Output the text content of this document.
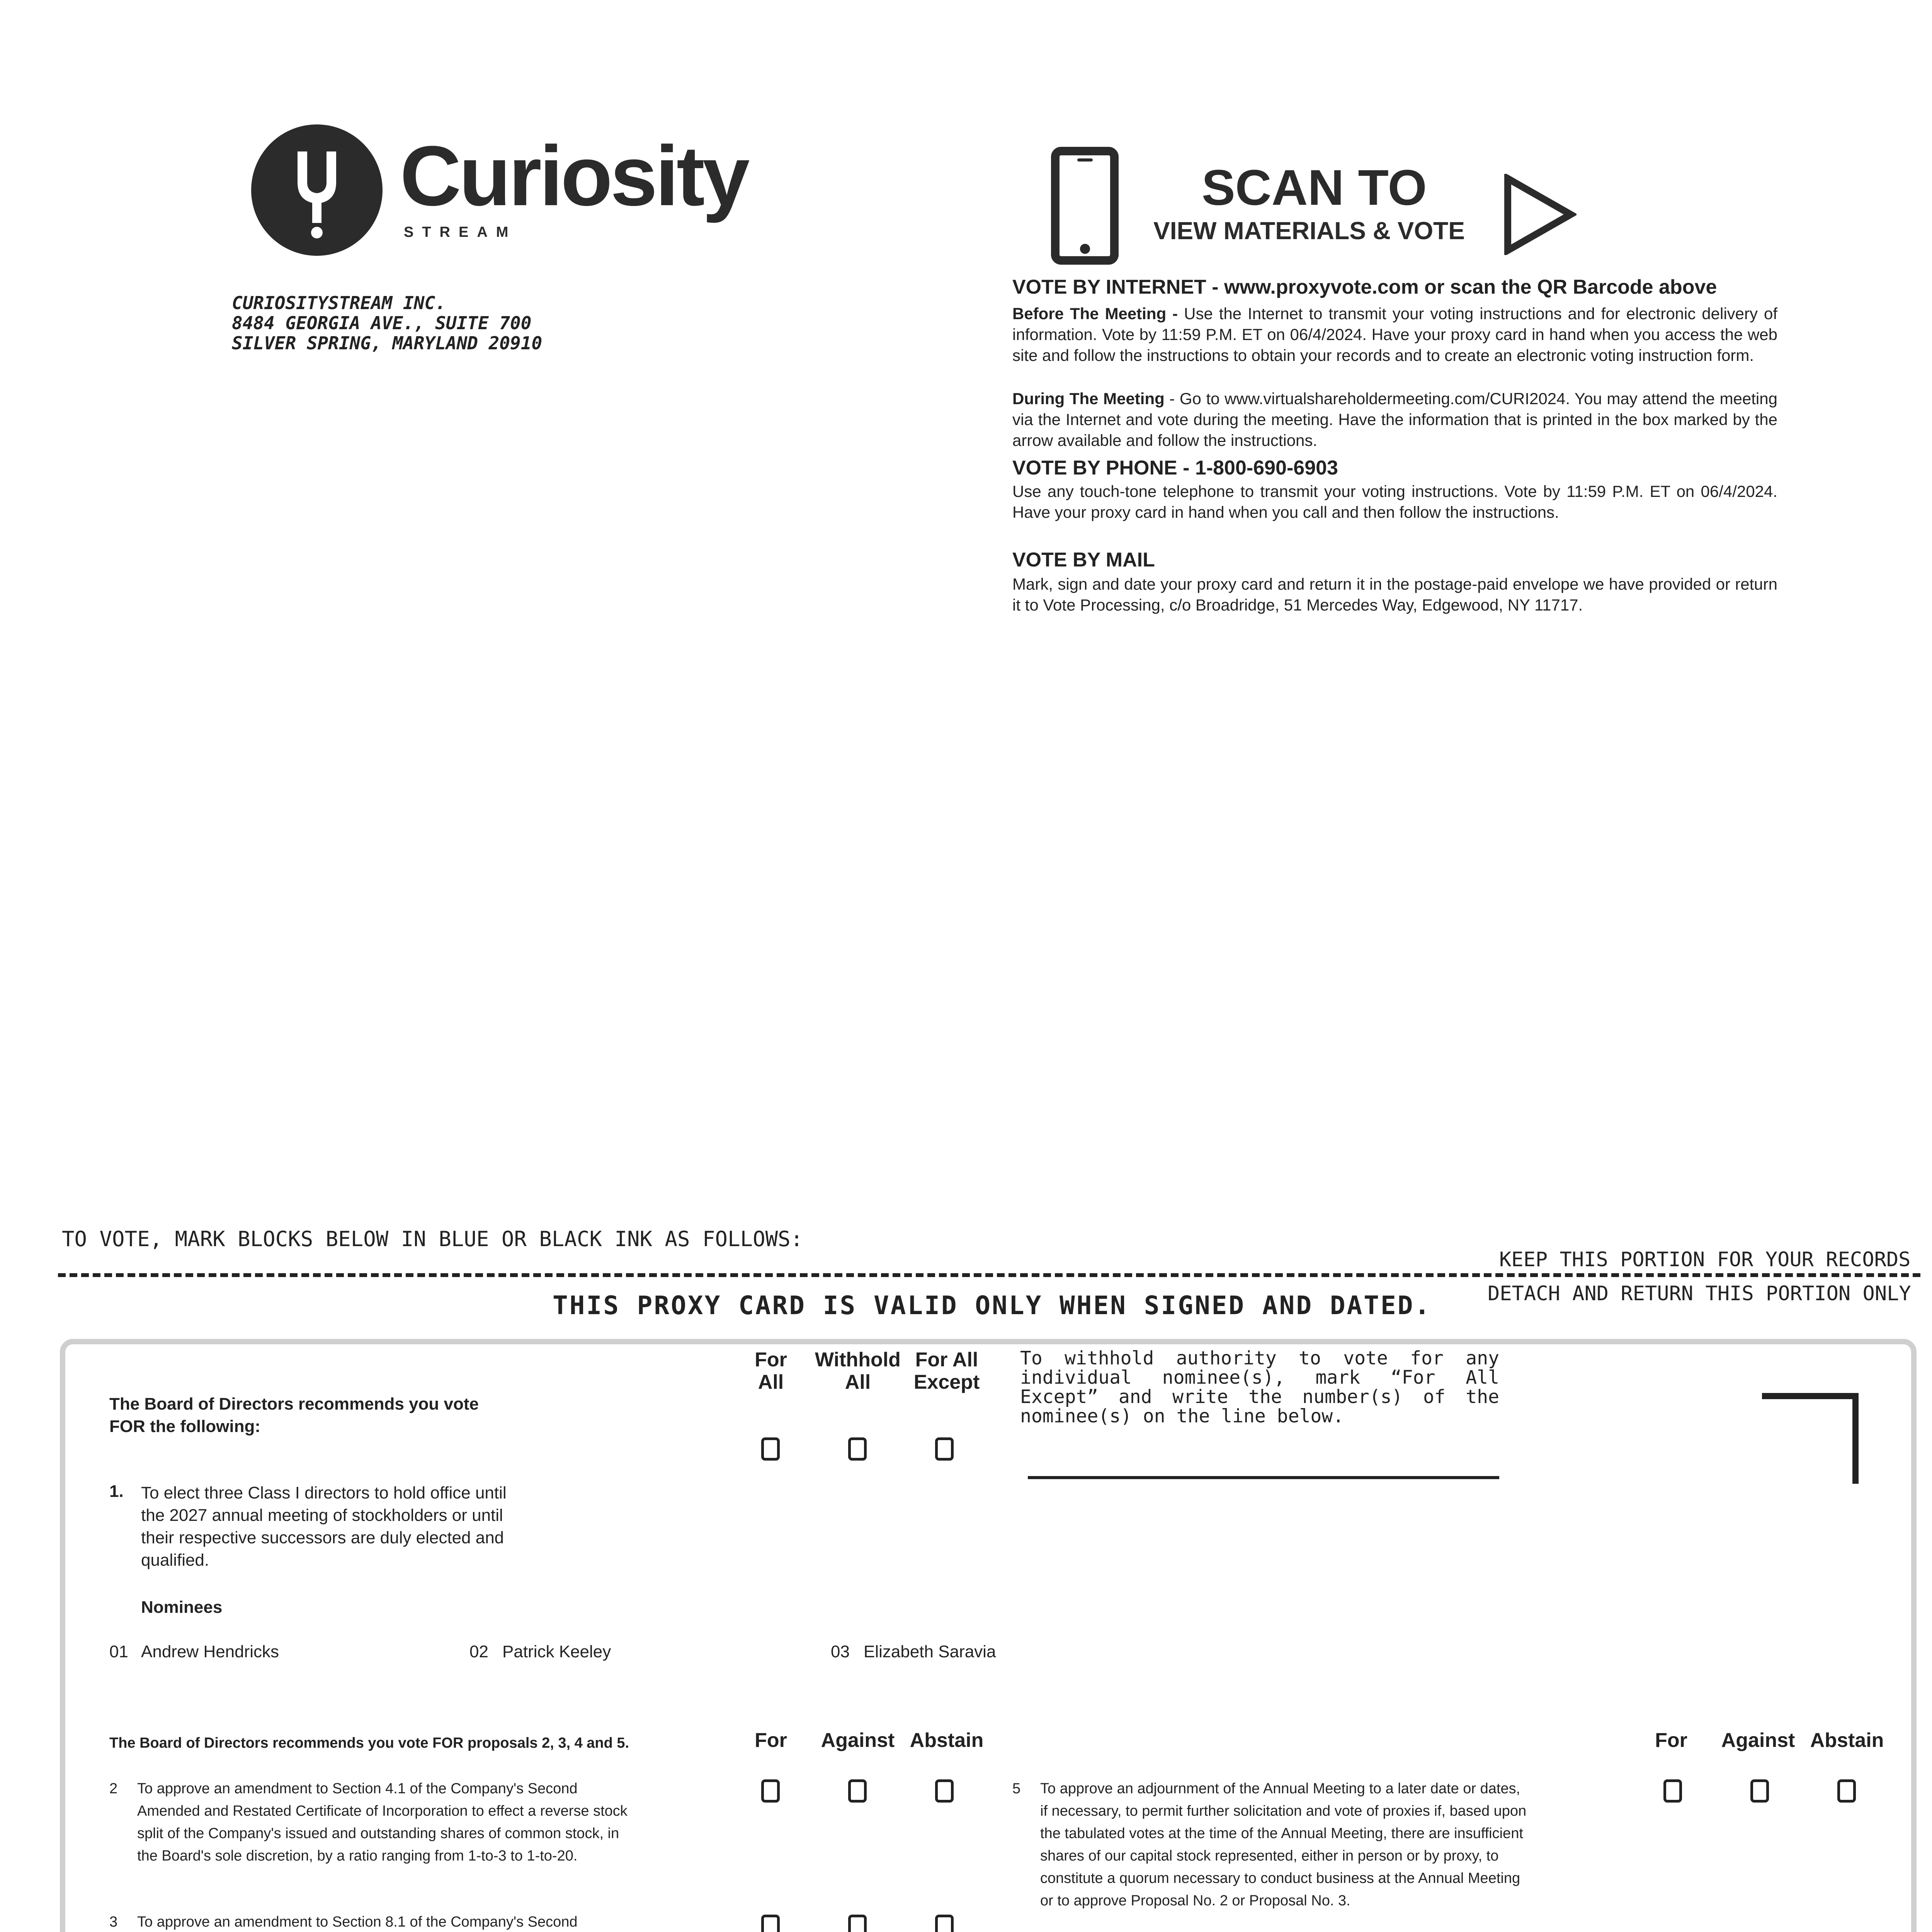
Curiosity
STREAM
CURIOSITYSTREAM INC.
8484 GEORGIA AVE., SUITE 700
SILVER SPRING, MARYLAND 20910
SCAN TO
VIEW MATERIALS & VOTE
VOTE BY INTERNET - www.proxyvote.com or scan the QR Barcode above
Before The Meeting - Use the Internet to transmit your voting instructions and for electronic delivery of information. Vote by 11:59 P.M. ET on 06/4/2024. Have your proxy card in hand when you access the web site and follow the instructions to obtain your records and to create an electronic voting instruction form.
During The Meeting - Go to www.virtualshareholdermeeting.com/CURI2024. You may attend the meeting via the Internet and vote during the meeting. Have the information that is printed in the box marked by the arrow available and follow the instructions.
VOTE BY PHONE - 1-800-690-6903
Use any touch-tone telephone to transmit your voting instructions. Vote by 11:59 P.M. ET on 06/4/2024. Have your proxy card in hand when you call and then follow the instructions.
VOTE BY MAIL
Mark, sign and date your proxy card and return it in the postage-paid envelope we have provided or return it to Vote Processing, c/o Broadridge, 51 Mercedes Way, Edgewood, NY 11717.
TO VOTE, MARK BLOCKS BELOW IN BLUE OR BLACK INK AS FOLLOWS:
KEEP THIS PORTION FOR YOUR RECORDS
DETACH AND RETURN THIS PORTION ONLY
THIS PROXY CARD IS VALID ONLY WHEN SIGNED AND DATED.
For All
Withhold All
For All Except
To withhold authority to vote for any individual nominee(s), mark “For All Except” and write the number(s) of the nominee(s) on the line below.
The Board of Directors recommends you vote FOR the following:
1. To elect three Class I directors to hold office until the 2027 annual meeting of stockholders or until their respective successors are duly elected and qualified.
Nominees
01 Andrew Hendricks	02 Patrick Keeley	03 Elizabeth Saravia
The Board of Directors recommends you vote FOR proposals 2, 3, 4 and 5.	For	Against Abstain	For	Against Abstain
2 To approve an amendment to Section 4.1 of the Company's Second Amended and Restated Certificate of Incorporation to effect a reverse stock split of the Company's issued and outstanding shares of common stock, in the Board's sole discretion, by a ratio ranging from 1-to-3 to 1-to-20.
3 To approve an amendment to Section 8.1 of the Company's Second
5 To approve an adjournment of the Annual Meeting to a later date or dates, if necessary, to permit further solicitation and vote of proxies if, based upon the tabulated votes at the time of the Annual Meeting, there are insufficient shares of our capital stock represented, either in person or by proxy, to constitute a quorum necessary to conduct business at the Annual Meeting or to approve Proposal No. 2 or Proposal No. 3.
